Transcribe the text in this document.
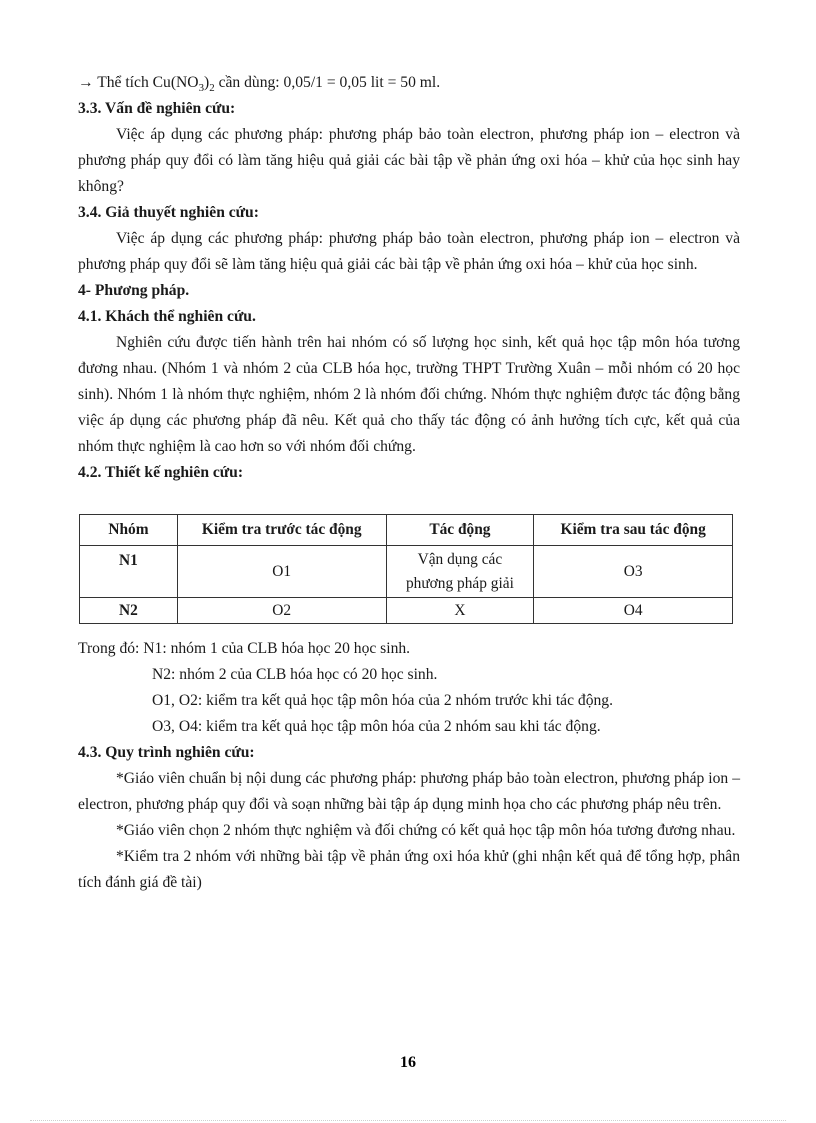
→ Thể tích $Cu(NO_3)_2$ cần dùng: 0,05/1 = 0,05 lit = 50 ml.

3.3. Vấn đề nghiên cứu:

Việc áp dụng các phương pháp: phương pháp bảo toàn electron, phương pháp ion – electron và phương pháp quy đổi có làm tăng hiệu quả giải các bài tập về phản ứng oxi hóa – khử của học sinh hay không?

3.4. Giả thuyết nghiên cứu:

Việc áp dụng các phương pháp: phương pháp bảo toàn electron, phương pháp ion – electron và phương pháp quy đổi sẽ làm tăng hiệu quả giải các bài tập về phản ứng oxi hóa – khử của học sinh.

4- Phương pháp.

4.1. Khách thể nghiên cứu.

Nghiên cứu được tiến hành trên hai nhóm có số lượng học sinh, kết quả học tập môn hóa tương đương nhau. (Nhóm 1 và nhóm 2 của CLB hóa học, trường THPT Trường Xuân – mỗi nhóm có 20 học sinh). Nhóm 1 là nhóm thực nghiệm, nhóm 2 là nhóm đối chứng. Nhóm thực nghiệm được tác động bằng việc áp dụng các phương pháp đã nêu. Kết quả cho thấy tác động có ảnh hưởng tích cực, kết quả của nhóm thực nghiệm là cao hơn so với nhóm đối chứng.

4.2. Thiết kế nghiên cứu:

Nhóm	Kiểm tra trước tác động	Tác động	Kiểm tra sau tác động
N1	O1	Vận dụng các phương pháp giải	O3
N2	O2	X	O4

Trong đó: N1: nhóm 1 của CLB hóa học 20 học sinh.

N2: nhóm 2 của CLB hóa học có 20 học sinh.

O1, O2: kiểm tra kết quả học tập môn hóa của 2 nhóm trước khi tác động.

O3, O4: kiểm tra kết quả học tập môn hóa của 2 nhóm sau khi tác động.

4.3. Quy trình nghiên cứu:

*Giáo viên chuẩn bị nội dung các phương pháp: phương pháp bảo toàn electron, phương pháp ion – electron, phương pháp quy đổi và soạn những bài tập áp dụng minh họa cho các phương pháp nêu trên.

*Giáo viên chọn 2 nhóm thực nghiệm và đối chứng có kết quả học tập môn hóa tương đương nhau.

*Kiểm tra 2 nhóm với những bài tập về phản ứng oxi hóa khử (ghi nhận kết quả để tổng hợp, phân tích đánh giá đề tài)

16
